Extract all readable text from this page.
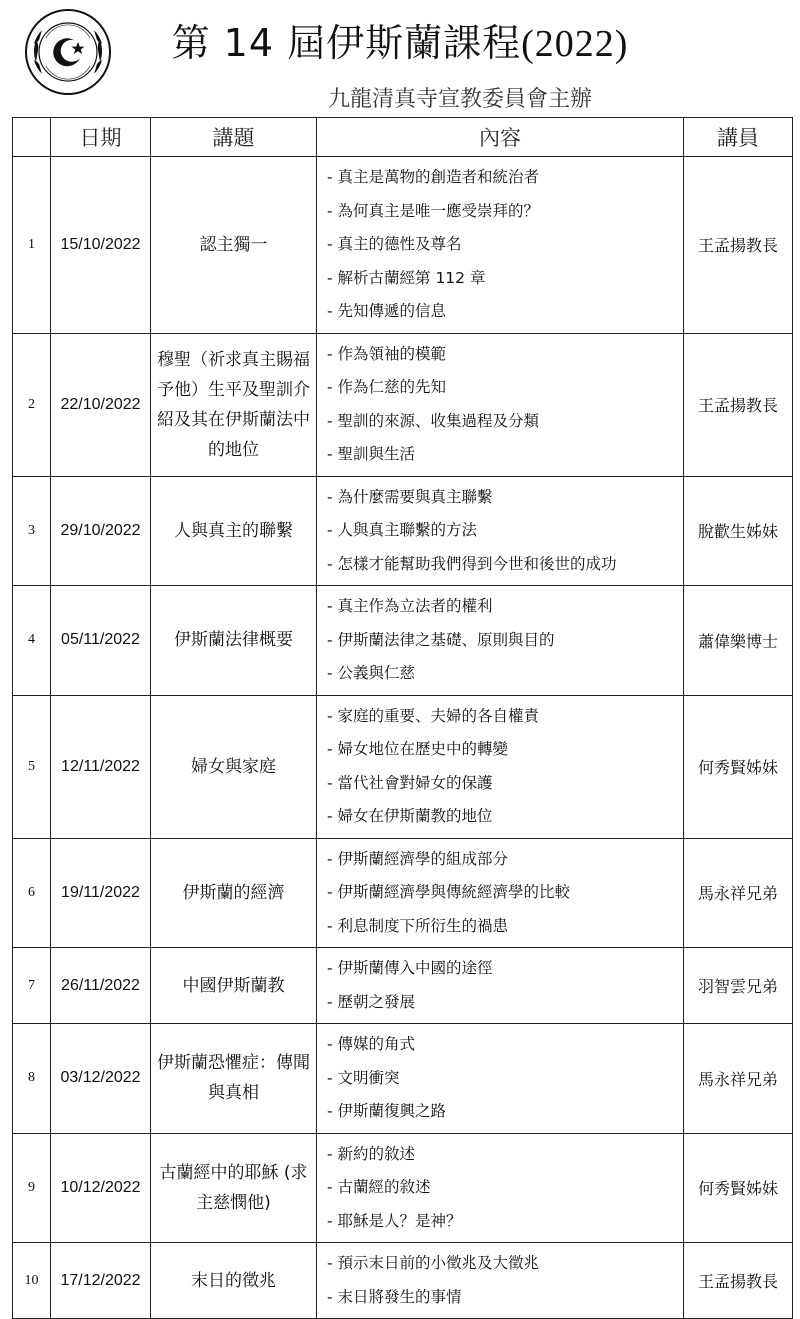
第 14 屆伊斯蘭課程(2022)
九龍清真寺宣教委員會主辦
	日期	講題	內容	講員
1	15/10/2022	認主獨一	- 真主是萬物的創造者和統治者
- 為何真主是唯一應受崇拜的？
- 真主的德性及尊名
- 解析古蘭經第 112 章
- 先知傳遞的信息	王孟揚教長
2	22/10/2022	穆聖（祈求真主賜福予他）生平及聖訓介紹及其在伊斯蘭法中的地位	- 作為領袖的模範
- 作為仁慈的先知
- 聖訓的來源、收集過程及分類
- 聖訓與生活	王孟揚教長
3	29/10/2022	人與真主的聯繫	- 為什麼需要與真主聯繫
- 人與真主聯繫的方法
- 怎樣才能幫助我們得到今世和後世的成功	脫歡生姊妹
4	05/11/2022	伊斯蘭法律概要	- 真主作為立法者的權利
- 伊斯蘭法律之基礎、原則與目的
- 公義與仁慈	蕭偉樂博士
5	12/11/2022	婦女與家庭	- 家庭的重要、夫婦的各自權責
- 婦女地位在歷史中的轉變
- 當代社會對婦女的保護
- 婦女在伊斯蘭教的地位	何秀賢姊妹
6	19/11/2022	伊斯蘭的經濟	- 伊斯蘭經濟學的組成部分
- 伊斯蘭經濟學與傳統經濟學的比較
- 利息制度下所衍生的禍患	馬永祥兄弟
7	26/11/2022	中國伊斯蘭教	- 伊斯蘭傳入中國的途徑
- 歷朝之發展	羽智雲兄弟
8	03/12/2022	伊斯蘭恐懼症：傳聞與真相	- 傳媒的角式
- 文明衝突
- 伊斯蘭復興之路	馬永祥兄弟
9	10/12/2022	古蘭經中的耶穌 (求主慈憫他)	- 新約的敘述
- 古蘭經的敘述
- 耶穌是人？是神？	何秀賢姊妹
10	17/12/2022	末日的徵兆	- 預示末日前的小徵兆及大徵兆
- 末日將發生的事情	王孟揚教長
